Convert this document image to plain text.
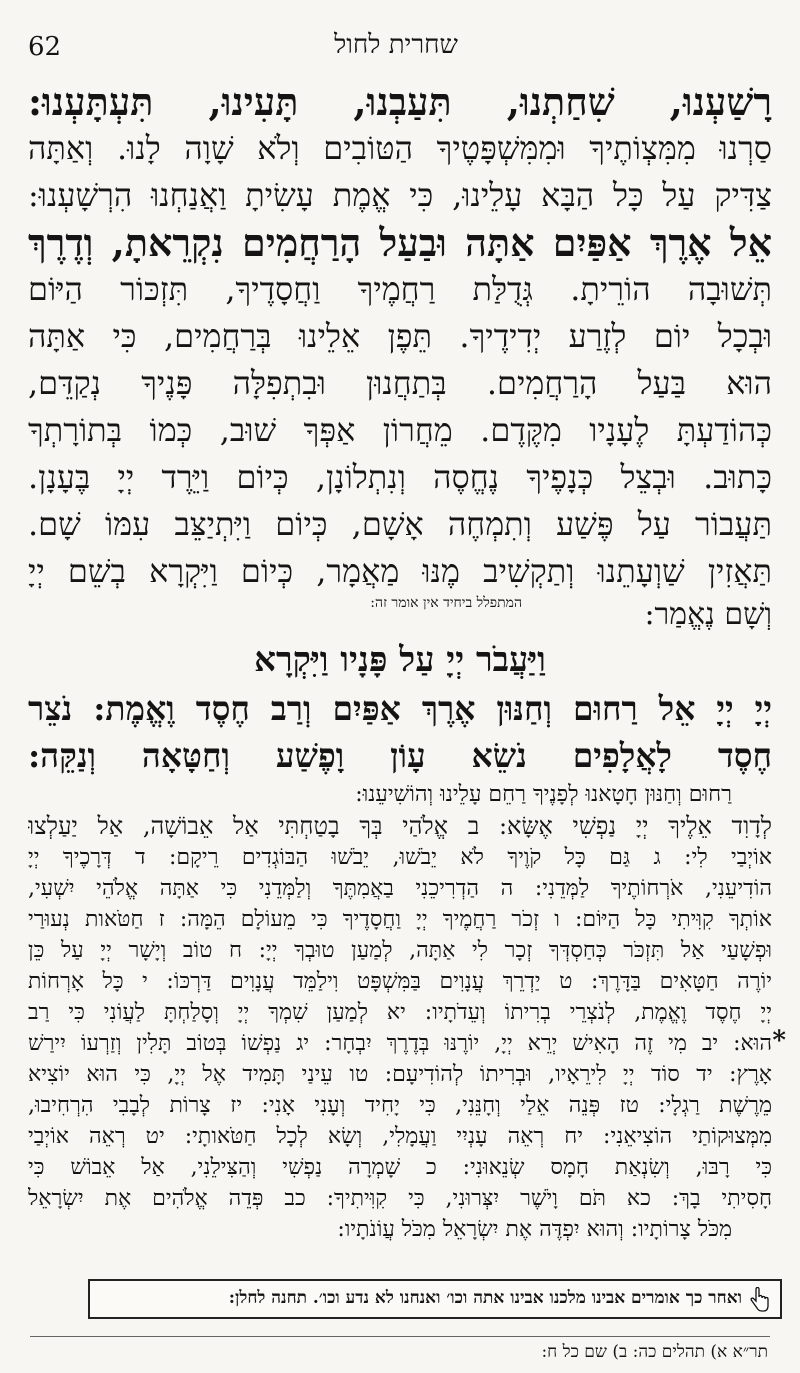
62	שחרית לחול
רָשַׁעְנוּ, שִׁחַתְנוּ, תִּעַבְנוּ, תָּעִינוּ, תִּעְתָּעְנוּ:
סַרְנוּ מִמִּצְוֹתֶיךָ וּמִמִּשְׁפָּטֶיךָ הַטּוֹבִים וְלֹא שָׁוָה לָנוּ. וְאַתָּה
צַדִּיק עַל כָּל הַבָּא עָלֵינוּ, כִּי אֱמֶת עָשִׂיתָ וַאֲנַחְנוּ הִרְשָׁעְנוּ:
אֵל אֶרֶךְ אַפַּיִם אַתָּה וּבַעַל הָרַחֲמִים נִקְרֵאתָ, וְדֶרֶךְ
תְּשׁוּבָה הוֹרֵיתָ. גְּדֻלַּת רַחֲמֶיךָ וַחֲסָדֶיךָ, תִּזְכּוֹר הַיּוֹם
וּבְכָל יוֹם לְזֶרַע יְדִידֶיךָ. תֵּפֶן אֵלֵינוּ בְּרַחֲמִים, כִּי אַתָּה
הוּא בַּעַל הָרַחֲמִים. בְּתַחֲנוּן וּבִתְפִלָּה פָּנֶיךָ נְקַדֵּם,
כְּהוֹדַעְתָּ לֶעָנָיו מִקֶּדֶם. מֵחֲרוֹן אַפְּךָ שׁוּב, כְּמוֹ בְּתוֹרָתְךָ
כָּתוּב. וּבְצֵל כְּנָפֶיךָ נֶחֱסֶה וְנִתְלוֹנָן, כְּיוֹם וַיֵּרֶד יְיָ בֶּעָנָן.
תַּעֲבוֹר עַל פֶּשַׁע וְתִמְחֶה אָשָׁם, כְּיוֹם וַיִּתְיַצֵּב עִמּוֹ שָׁם.
תַּאֲזִין שַׁוְעָתֵנוּ וְתַקְשִׁיב מֶנּוּ מַאֲמָר, כְּיוֹם וַיִּקְרָא בְשֵׁם יְיָ
וְשָׁם נֶאֱמַר:
המתפלל ביחיד אין אומר זה:
וַיַּעֲבֹר יְיָ עַל פָּנָיו וַיִּקְרָא
יְיָ יְיָ אֵל רַחוּם וְחַנּוּן אֶרֶךְ אַפַּיִם וְרַב חֶסֶד וֶאֱמֶת: נֹצֵר
חֶסֶד לָאֲלָפִים נֹשֵׂא עָוֹן וָפֶשַׁע וְחַטָּאָה וְנַקֵּה:
רַחוּם וְחַנּוּן חָטָאנוּ לְפָנֶיךָ רַחֵם עָלֵינוּ וְהוֹשִׁיעֵנוּ:
לְדָוִד אֵלֶיךָ יְיָ נַפְשִׁי אֶשָּׂא: ב אֱלֹהַי בְּךָ בָטַחְתִּי אַל אֵבוֹשָׁה, אַל יַעַלְצוּ
אוֹיְבַי לִי: ג גַּם כָּל קֹוֶיךָ לֹא יֵבֹשׁוּ, יֵבֹשׁוּ הַבּוֹגְדִים רֵיקָם: ד דְּרָכֶיךָ יְיָ
הוֹדִיעֵנִי, אֹרְחוֹתֶיךָ לַמְּדֵנִי: ה הַדְרִיכֵנִי בַאֲמִתֶּךָ וְלַמְּדֵנִי כִּי אַתָּה אֱלֹהֵי יִשְׁעִי,
אוֹתְךָ קִוִּיתִי כָּל הַיּוֹם: ו זְכֹר רַחֲמֶיךָ יְיָ וַחֲסָדֶיךָ כִּי מֵעוֹלָם הֵמָּה: ז חַטֹּאות נְעוּרַי
וּפְשָׁעַי אַל תִּזְכֹּר כְּחַסְדְּךָ זְכָר לִי אַתָּה, לְמַעַן טוּבְךָ יְיָ: ח טוֹב וְיָשָׁר יְיָ עַל כֵּן
יוֹרֶה חַטָּאִים בַּדָּרֶךְ: ט יַדְרֵךְ עֲנָוִים בַּמִּשְׁפָּט וִילַמֵּד עֲנָוִים דַּרְכּוֹ: י כָּל אָרְחוֹת
יְיָ חֶסֶד וֶאֱמֶת, לְנֹצְרֵי בְרִיתוֹ וְעֵדֹתָיו: יא לְמַעַן שִׁמְךָ יְיָ וְסָלַחְתָּ לַעֲוֹנִי כִּי רַב
הוּא: יב מִי זֶה הָאִישׁ יְרֵא יְיָ, יוֹרֶנּוּ בְּדֶרֶךְ יִבְחָר: יג נַפְשׁוֹ בְּטוֹב תָּלִין וְזַרְעוֹ יִירַשׁ
אָרֶץ: יד סוֹד יְיָ לִירֵאָיו, וּבְרִיתוֹ לְהוֹדִיעָם: טו עֵינַי תָּמִיד אֶל יְיָ, כִּי הוּא יוֹצִיא
מֵרֶשֶׁת רַגְלָי: טז פְּנֵה אֵלַי וְחָנֵּנִי, כִּי יָחִיד וְעָנִי אָנִי: יז צָרוֹת לְבָבִי הִרְחִיבוּ,
מִמְּצוּקוֹתַי הוֹצִיאֵנִי: יח רְאֵה עָנְיִי וַעֲמָלִי, וְשָׂא לְכָל חַטֹּאותָי: יט רְאֵה אוֹיְבַי
כִּי רָבּוּ, וְשִׂנְאַת חָמָס שְׂנֵאוּנִי: כ שָׁמְרָה נַפְשִׁי וְהַצִּילֵנִי, אַל אֵבוֹשׁ כִּי
חָסִיתִי בָךְ: כא תֹּם וָיֹשֶׁר יִצְּרוּנִי, כִּי קִוִּיתִיךָ: כב פְּדֵה אֱלֹהִים אֶת יִשְׂרָאֵל
מִכֹּל צָרוֹתָיו: וְהוּא יִפְדֶּה אֶת יִשְׂרָאֵל מִכֹּל עֲוֹנֹתָיו:
*
ואחר כך אומרים אבינו מלכנו אבינו אתה וכו׳ ואנחנו לא נדע וכו׳. תחנה לחלן:
תר״א א) תהלים כה: ב) שם כל ח:
